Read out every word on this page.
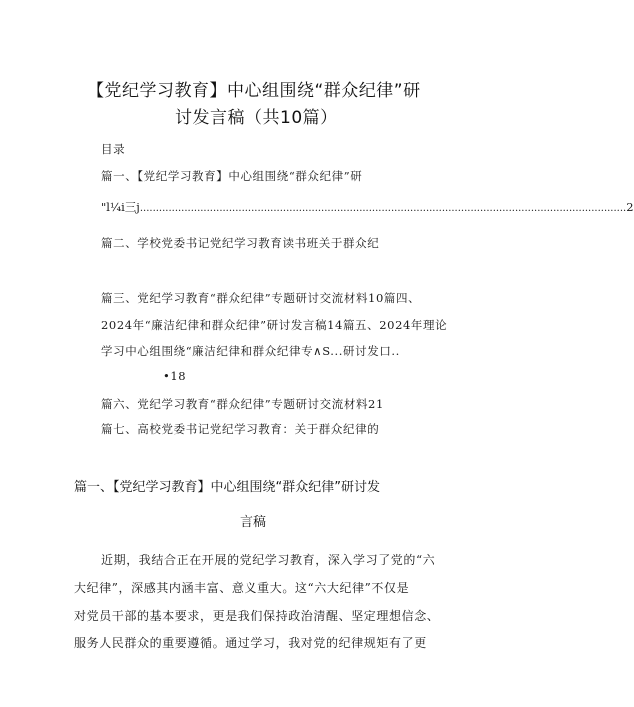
【党纪学习教育】中心组围绕“群众纪律”研
讨发言稿（共10篇）
目录
篇一、【党纪学习教育】中心组围绕“群众纪律”研
"l¼i三j ......................................................................................................................................................... 2
篇二、学校党委书记党纪学习教育读书班关于群众纪
篇三、党纪学习教育“群众纪律”专题研讨交流材料10篇四、
2024年“廉洁纪律和群众纪律”研讨发言稿14篇五、2024年理论
学习中心组围绕“廉洁纪律和群众纪律专∧S...研讨发口..
•18
篇六、党纪学习教育“群众纪律”专题研讨交流材料21
篇七、高校党委书记党纪学习教育：关于群众纪律的
篇一、【党纪学习教育】中心组围绕“群众纪律”研讨发
言稿
近期，我结合正在开展的党纪学习教育，深入学习了党的“六
大纪律”，深感其内涵丰富、意义重大。这“六大纪律”不仅是
对党员干部的基本要求，更是我们保持政治清醒、坚定理想信念、
服务人民群众的重要遵循。通过学习，我对党的纪律规矩有了更
